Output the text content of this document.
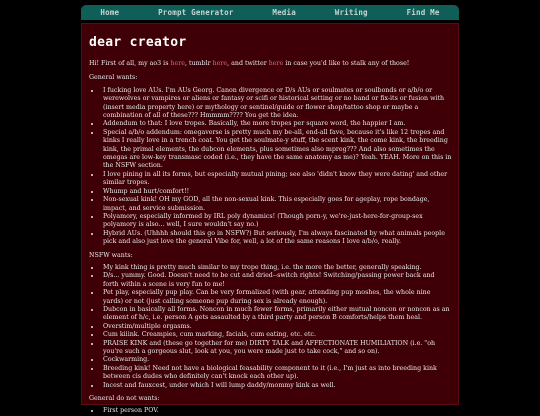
Home	Prompt Generator	Media	Writing	Find Me
dear creator

Hi! First of all, my ao3 is here, tumblr here, and twitter here in case you'd like to stalk any of those!

General wants:

• I fucking love AUs. I'm AUs Georg. Canon divergence or D/s AUs or soulmates or soulbonds or a/b/o or werewolves or vampires or aliens or fantasy or scifi or historical setting or no band or fix-its or fusion with (insert media property here) or mythology or sentinel/guide or flower shop/tattoo shop or maybe a combination of all of these??? Hmmmm???? You get the idea.
• Addendum to that: I love tropes. Basically, the more tropes per square word, the happier I am.
• Special a/b/o addendum: omegaverse is pretty much my be-all, end-all fave, because it's like 12 tropes and kinks I really love in a trench coat. You get the soulmate-y stuff, the scent kink, the come kink, the breeding kink, the primal elements, the dubcon elements, plus sometimes also mpreg??? And also sometimes the omegas are low-key transmasc coded (i.e., they have the same anatomy as me)? Yeah. YEAH. More on this in the NSFW section.
• I love pining in all its forms, but especially mutual pining; see also 'didn't know they were dating' and other similar tropes.
• Whump and hurt/comfort!!
• Non-sexual kink! OH my GOD, all the non-sexual kink. This especially goes for ageplay, rope bondage, impact, and service submission.
• Polyamory, especially informed by IRL poly dynamics! (Though porn-y, we're-just-here-for-group-sex polyamory is also... well, I sure wouldn't say no.)
• Hybrid AUs. (Uhhhh should this go in NSFW?) But seriously, I'm always fascinated by what animals people pick and also just love the general Vibe for, well, a lot of the same reasons I love a/b/o, really.

NSFW wants:

• My kink thing is pretty much similar to my trope thing, i.e. the more the better, generally speaking.
• D/s... yummy. Good. Doesn't need to be cut and dried--switch rights! Switching/passing power back and forth within a scene is very fun to me!
• Pet play, especially pup play. Can be very formalized (with gear, attending pup moshes, the whole nine yards) or not (just calling someone pup during sex is already enough).
• Dubcon in basically all forms. Noncon in much fewer forms, primarily either mutual noncon or noncon as an element of h/c, i.e. person A gets assaulted by a third party and person B comforts/helps them heal.
• Overstim/multiple orgasms.
• Cum kiiink. Creampies, cum marking, facials, cum eating, etc. etc.
• PRAISE KINK and (these go together for me) DIRTY TALK and AFFECTIONATE HUMILIATION (i.e. "oh you're such a gorgeous slut, look at you, you were made just to take cock," and so on).
• Cockwarming.
• Breeding kink! Need not have a biological feasability component to it (i.e., I'm just as into breeding kink between cis dudes who definitely can't knock each other up).
• Incest and fauxcest, under which I will lump daddy/mommy kink as well.

General do not wants:

• First person POV.
